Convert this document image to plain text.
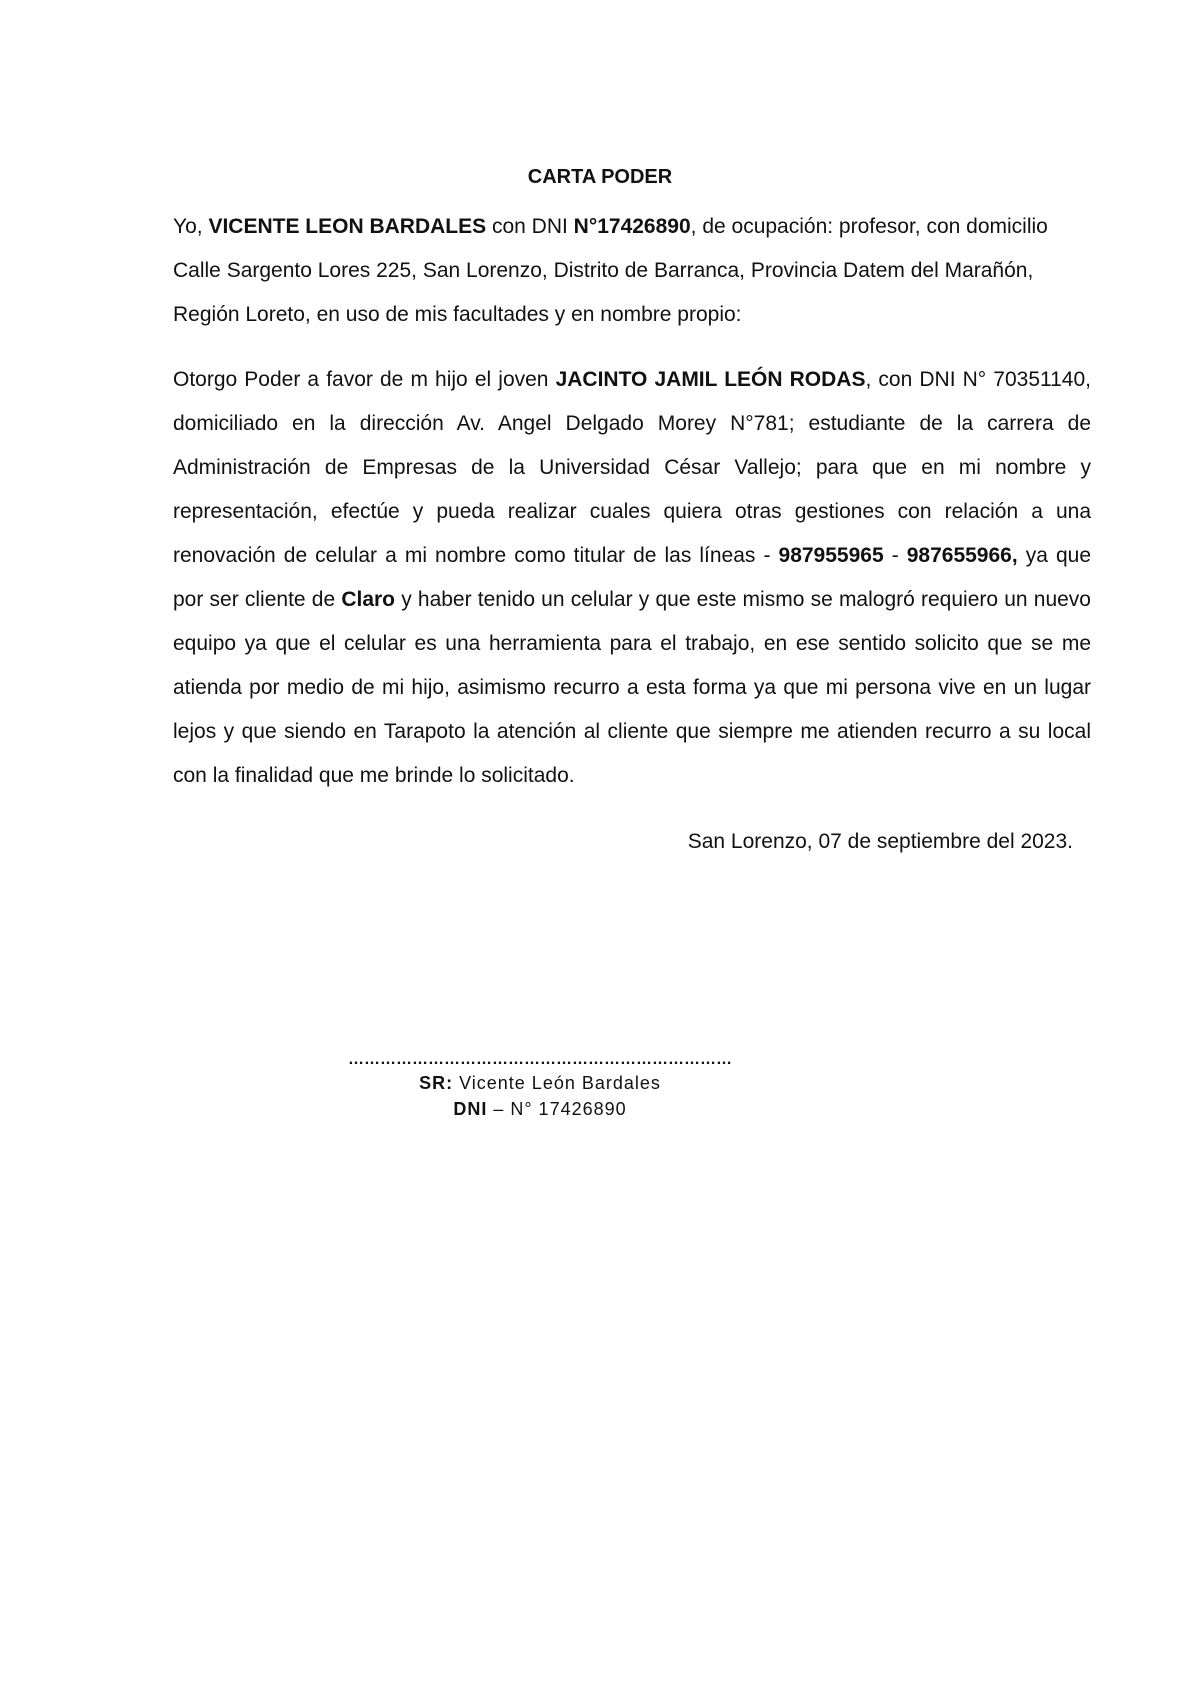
CARTA PODER

Yo, VICENTE LEON BARDALES con DNI N°17426890, de ocupación: profesor, con domicilio Calle Sargento Lores 225, San Lorenzo, Distrito de Barranca, Provincia Datem del Marañón, Región Loreto, en uso de mis facultades y en nombre propio:

Otorgo Poder a favor de m hijo el joven JACINTO JAMIL LEÓN RODAS, con DNI N° 70351140, domiciliado en la dirección Av. Angel Delgado Morey N°781; estudiante de la carrera de Administración de Empresas de la Universidad César Vallejo; para que en mi nombre y representación, efectúe y pueda realizar cuales quiera otras gestiones con relación a una renovación de celular a mi nombre como titular de las líneas - 987955965 - 987655966, ya que por ser cliente de Claro y haber tenido un celular y que este mismo se malogró requiero un nuevo equipo ya que el celular es una herramienta para el trabajo, en ese sentido solicito que se me atienda por medio de mi hijo, asimismo recurro a esta forma ya que mi persona vive en un lugar lejos y que siendo en Tarapoto la atención al cliente que siempre me atienden recurro a su local con la finalidad que me brinde lo solicitado.

San Lorenzo, 07 de septiembre del 2023.
………………………………………………………………
SR: Vicente León Bardales
DNI – N° 17426890
